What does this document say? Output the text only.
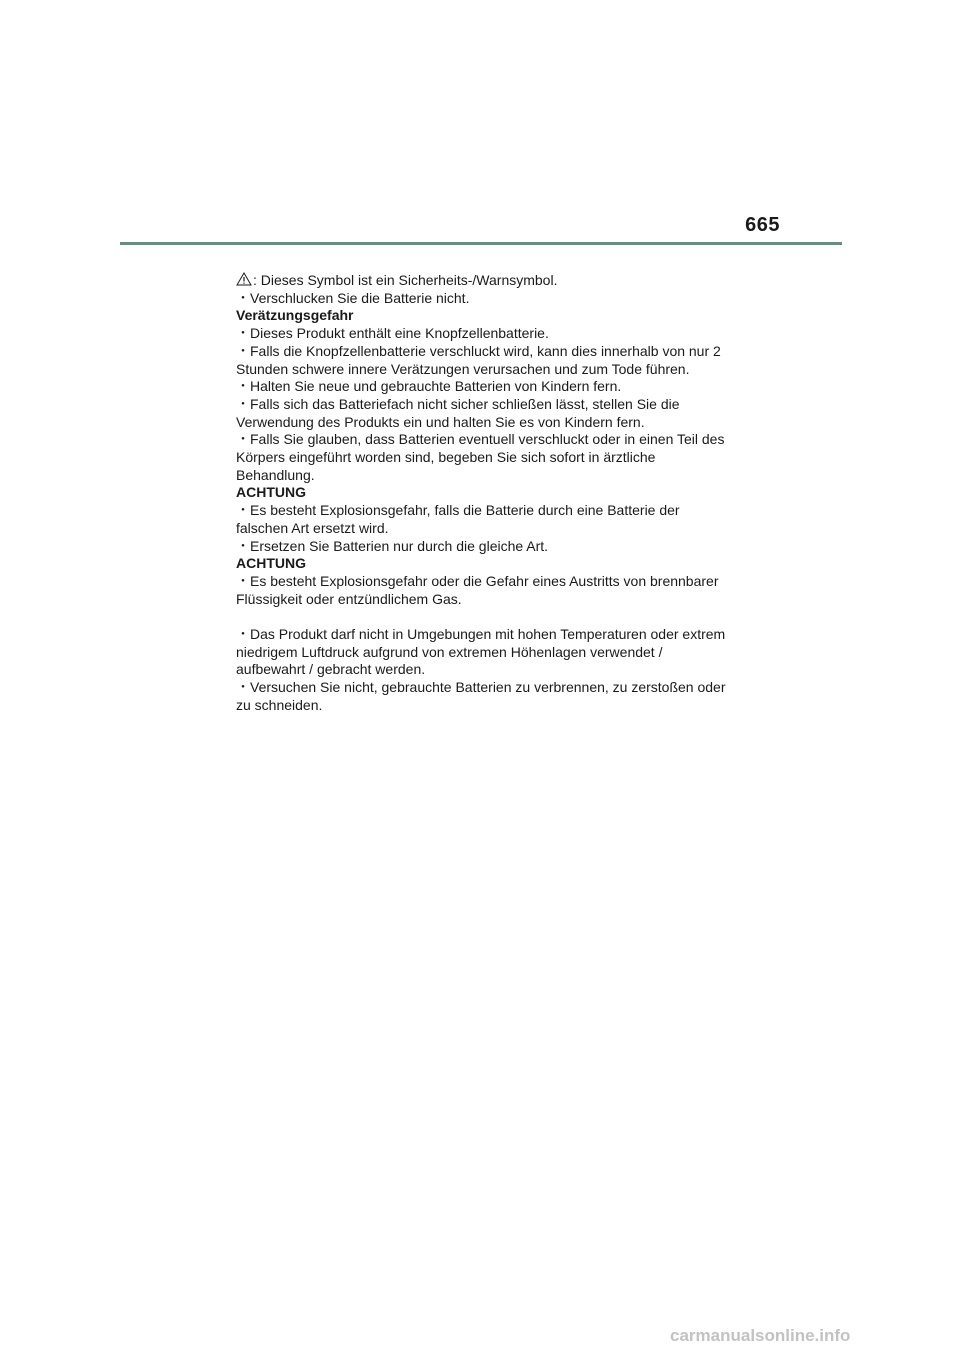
665

: Dieses Symbol ist ein Sicherheits-/Warnsymbol.

・Verschlucken Sie die Batterie nicht.

Verätzungsgefahr

・Dieses Produkt enthält eine Knopfzellenbatterie.

・Falls die Knopfzellenbatterie verschluckt wird, kann dies innerhalb von nur 2

Stunden schwere innere Verätzungen verursachen und zum Tode führen.

・Halten Sie neue und gebrauchte Batterien von Kindern fern.

・Falls sich das Batteriefach nicht sicher schließen lässt, stellen Sie die

Verwendung des Produkts ein und halten Sie es von Kindern fern.

・Falls Sie glauben, dass Batterien eventuell verschluckt oder in einen Teil des

Körpers eingeführt worden sind, begeben Sie sich sofort in ärztliche

Behandlung.

ACHTUNG

・Es besteht Explosionsgefahr, falls die Batterie durch eine Batterie der

falschen Art ersetzt wird.

・Ersetzen Sie Batterien nur durch die gleiche Art.

ACHTUNG

・Es besteht Explosionsgefahr oder die Gefahr eines Austritts von brennbarer

Flüssigkeit oder entzündlichem Gas.

・Das Produkt darf nicht in Umgebungen mit hohen Temperaturen oder extrem

niedrigem Luftdruck aufgrund von extremen Höhenlagen verwendet /

aufbewahrt / gebracht werden.

・Versuchen Sie nicht, gebrauchte Batterien zu verbrennen, zu zerstoßen oder

zu schneiden.

carmanualsonline.info
